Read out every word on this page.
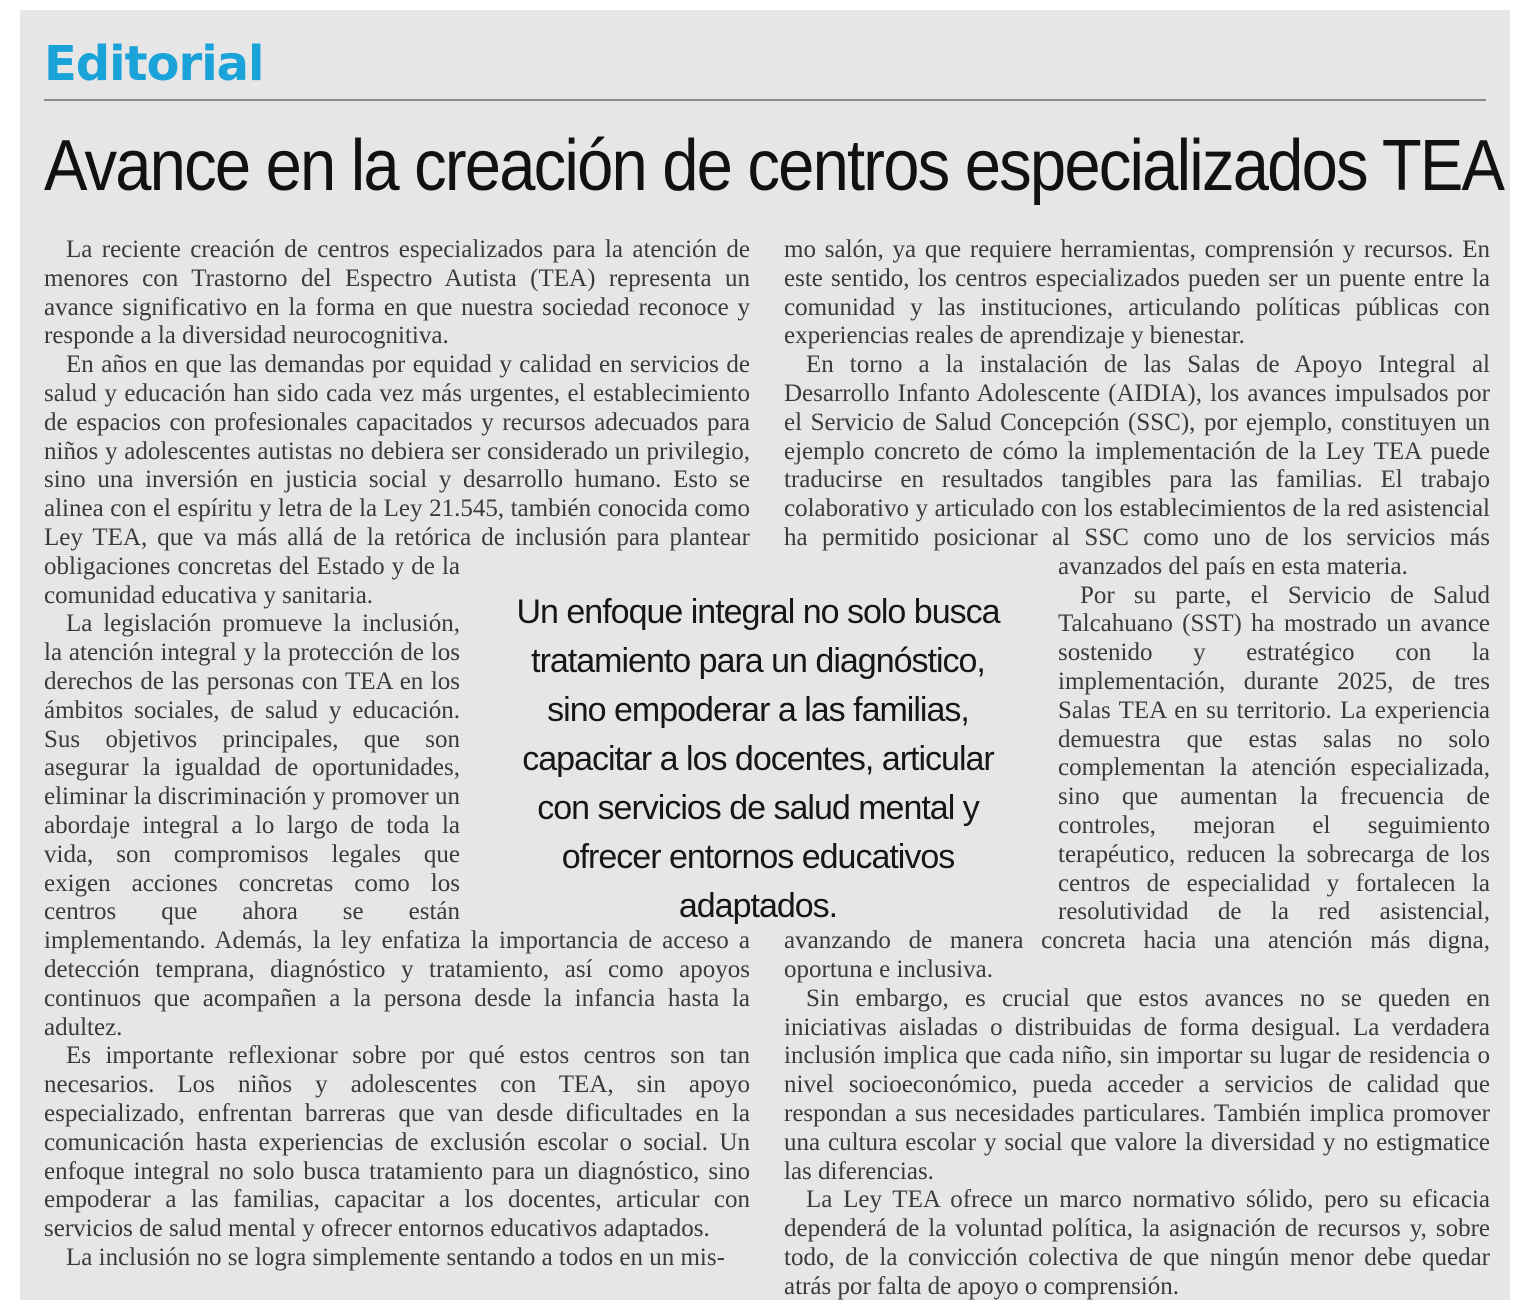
Editorial
Avance en la creación de centros especializados TEA

La reciente creación de centros especializados para la atención de menores con Trastorno del Espectro Autista (TEA) representa un avance significativo en la forma en que nuestra sociedad reconoce y responde a la diversidad neurocognitiva.

En años en que las demandas por equidad y calidad en servicios de salud y educación han sido cada vez más urgentes, el establecimiento de espacios con profesionales capacitados y recursos adecuados para niños y adolescentes autistas no debiera ser considerado un privilegio, sino una inversión en justicia social y desarrollo humano. Esto se alinea con el espíritu y letra de la Ley 21.545, también conocida como Ley TEA, que va más allá de la retórica de inclusión para plantear obligaciones concretas del Estado y de la comunidad educativa y sanitaria.

La legislación promueve la inclusión, la atención integral y la protección de los derechos de las personas con TEA en los ámbitos sociales, de salud y educación. Sus objetivos principales, que son asegurar la igualdad de oportunidades, eliminar la discriminación y promover un abordaje integral a lo largo de toda la vida, son compromisos legales que exigen acciones concretas como los centros que ahora se están implementando. Además, la ley enfatiza la importancia de acceso a detección temprana, diagnóstico y tratamiento, así como apoyos continuos que acompañen a la persona desde la infancia hasta la adultez.

Es importante reflexionar sobre por qué estos centros son tan necesarios. Los niños y adolescentes con TEA, sin apoyo especializado, enfrentan barreras que van desde dificultades en la comunicación hasta experiencias de exclusión escolar o social. Un enfoque integral no solo busca tratamiento para un diagnóstico, sino empoderar a las familias, capacitar a los docentes, articular con servicios de salud mental y ofrecer entornos educativos adaptados.

La inclusión no se logra simplemente sentando a todos en un mis-

mo salón, ya que requiere herramientas, comprensión y recursos. En este sentido, los centros especializados pueden ser un puente entre la comunidad y las instituciones, articulando políticas públicas con experiencias reales de aprendizaje y bienestar.

En torno a la instalación de las Salas de Apoyo Integral al Desarrollo Infanto Adolescente (AIDIA), los avances impulsados por el Servicio de Salud Concepción (SSC), por ejemplo, constituyen un ejemplo concreto de cómo la implementación de la Ley TEA puede traducirse en resultados tangibles para las familias. El trabajo colaborativo y articulado con los establecimientos de la red asistencial ha permitido posicionar al SSC como uno de los servicios más avanzados del país en esta materia.

Por su parte, el Servicio de Salud Talcahuano (SST) ha mostrado un avance sostenido y estratégico con la implementación, durante 2025, de tres Salas TEA en su territorio. La experiencia demuestra que estas salas no solo complementan la atención especializada, sino que aumentan la frecuencia de controles, mejoran el seguimiento terapéutico, reducen la sobrecarga de los centros de especialidad y fortalecen la resolutividad de la red asistencial, avanzando de manera concreta hacia una atención más digna, oportuna e inclusiva.

Sin embargo, es crucial que estos avances no se queden en iniciativas aisladas o distribuidas de forma desigual. La verdadera inclusión implica que cada niño, sin importar su lugar de residencia o nivel socioeconómico, pueda acceder a servicios de calidad que respondan a sus necesidades particulares. También implica promover una cultura escolar y social que valore la diversidad y no estigmatice las diferencias.

La Ley TEA ofrece un marco normativo sólido, pero su eficacia dependerá de la voluntad política, la asignación de recursos y, sobre todo, de la convicción colectiva de que ningún menor debe quedar atrás por falta de apoyo o comprensión.

Un enfoque integral no solo busca tratamiento para un diagnóstico, sino empoderar a las familias, capacitar a los docentes, articular con servicios de salud mental y ofrecer entornos educativos adaptados.
